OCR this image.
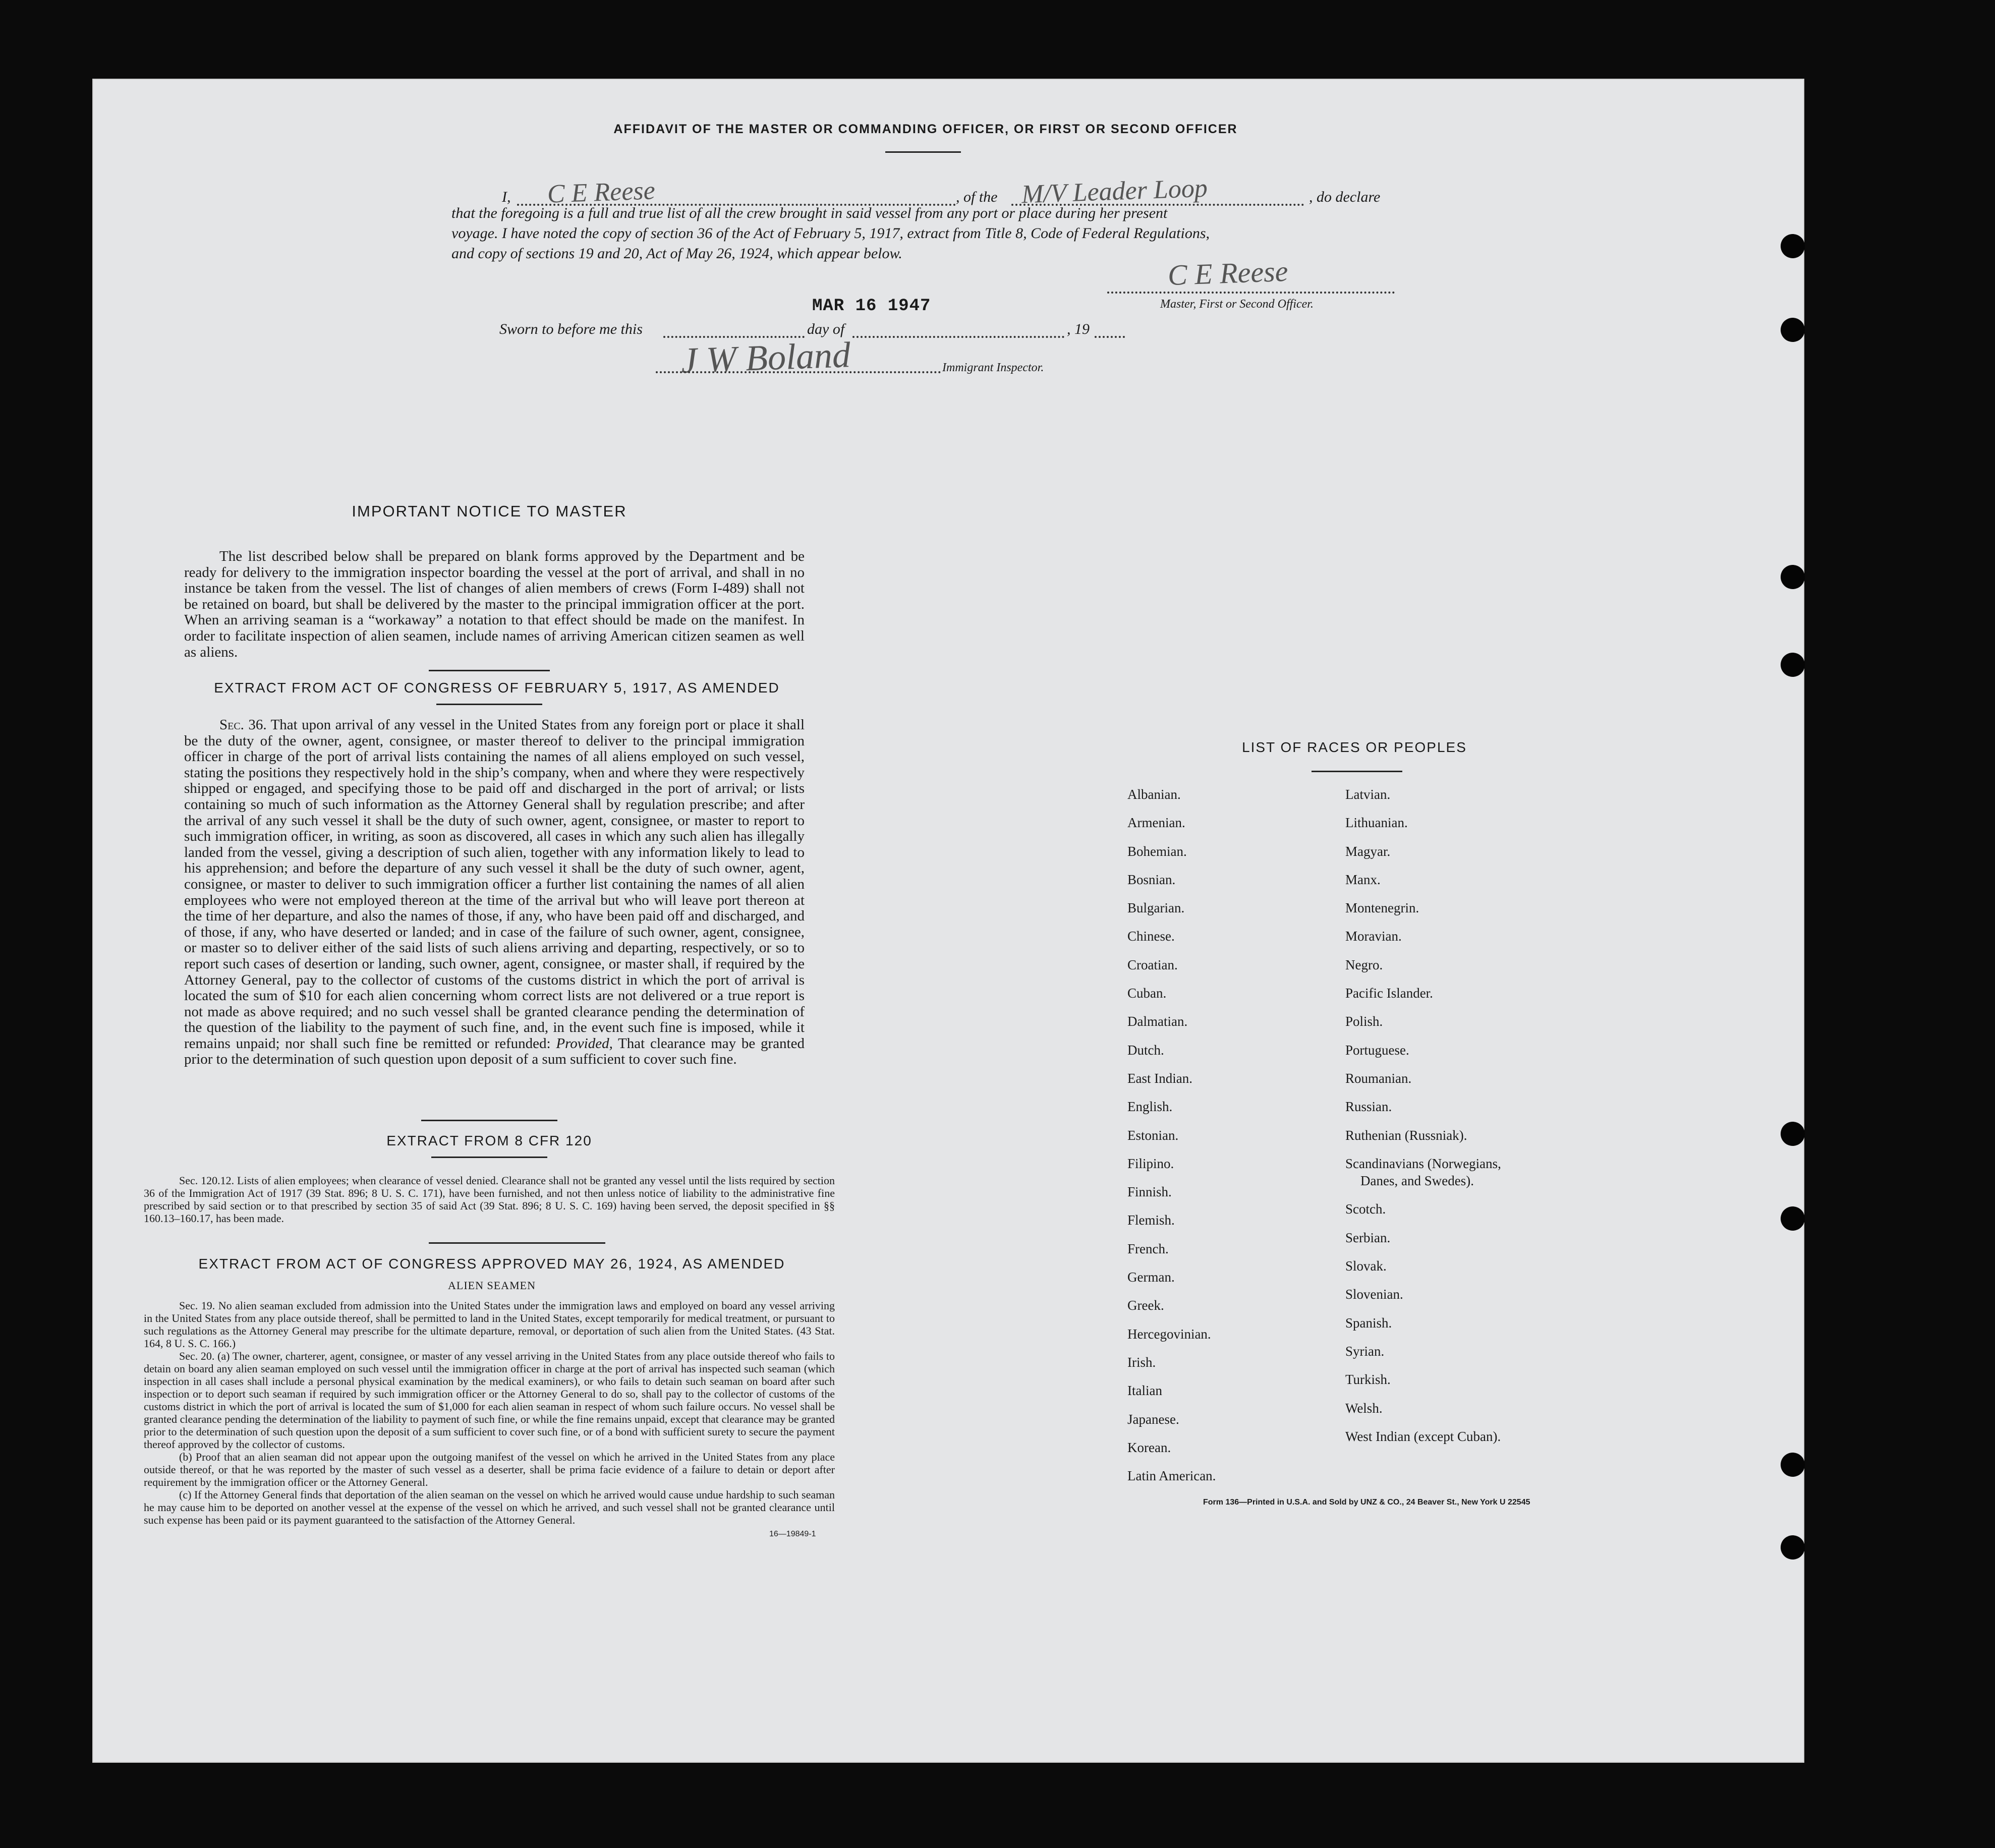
AFFIDAVIT OF THE MASTER OR COMMANDING OFFICER, OR FIRST OR SECOND OFFICER
I, C E Reese	, of the M/V Leader Loop	, do declare
that the foregoing is a full and true list of all the crew brought in said vessel from any port or place during her present
voyage. I have noted the copy of section 36 of the Act of February 5, 1917, extract from Title 8, Code of Federal Regulations,
and copy of sections 19 and 20, Act of May 26, 1924, which appear below.
C E Reese
Master, First or Second Officer.
MAR 16 1947
Sworn to before me this	day of	, 19
J W Boland	Immigrant Inspector.
IMPORTANT NOTICE TO MASTER
The list described below shall be prepared on blank forms approved by the Department and be ready for delivery to the immigration inspector boarding the vessel at the port of arrival, and shall in no instance be taken from the vessel. The list of changes of alien members of crews (Form I-489) shall not be retained on board, but shall be delivered by the master to the principal immigration officer at the port. When an arriving seaman is a “workaway” a notation to that effect should be made on the manifest. In order to facilitate inspection of alien seamen, include names of arriving American citizen seamen as well as aliens.
EXTRACT FROM ACT OF CONGRESS OF FEBRUARY 5, 1917, AS AMENDED
Sec. 36. That upon arrival of any vessel in the United States from any foreign port or place it shall be the duty of the owner, agent, consignee, or master thereof to deliver to the principal immigration officer in charge of the port of arrival lists containing the names of all aliens employed on such vessel, stating the positions they respectively hold in the ship’s company, when and where they were respectively shipped or engaged, and specifying those to be paid off and discharged in the port of arrival; or lists containing so much of such information as the Attorney General shall by regulation prescribe; and after the arrival of any such vessel it shall be the duty of such owner, agent, consignee, or master to report to such immigration officer, in writing, as soon as discovered, all cases in which any such alien has illegally landed from the vessel, giving a description of such alien, together with any information likely to lead to his apprehension; and before the departure of any such vessel it shall be the duty of such owner, agent, consignee, or master to deliver to such immigration officer a further list containing the names of all alien employees who were not employed thereon at the time of the arrival but who will leave port thereon at the time of her departure, and also the names of those, if any, who have been paid off and discharged, and of those, if any, who have deserted or landed; and in case of the failure of such owner, agent, consignee, or master so to deliver either of the said lists of such aliens arriving and departing, respectively, or so to report such cases of desertion or landing, such owner, agent, consignee, or master shall, if required by the Attorney General, pay to the collector of customs of the customs district in which the port of arrival is located the sum of $10 for each alien concerning whom correct lists are not delivered or a true report is not made as above required; and no such vessel shall be granted clearance pending the determination of the question of the liability to the payment of such fine, and, in the event such fine is imposed, while it remains unpaid; nor shall such fine be remitted or refunded: Provided, That clearance may be granted prior to the determination of such question upon deposit of a sum sufficient to cover such fine.
EXTRACT FROM 8 CFR 120
Sec. 120.12. Lists of alien employees; when clearance of vessel denied. Clearance shall not be granted any vessel until the lists required by section 36 of the Immigration Act of 1917 (39 Stat. 896; 8 U. S. C. 171), have been furnished, and not then unless notice of liability to the administrative fine prescribed by said section or to that prescribed by section 35 of said Act (39 Stat. 896; 8 U. S. C. 169) having been served, the deposit specified in §§ 160.13–160.17, has been made.
EXTRACT FROM ACT OF CONGRESS APPROVED MAY 26, 1924, AS AMENDED
ALIEN SEAMEN
Sec. 19. No alien seaman excluded from admission into the United States under the immigration laws and employed on board any vessel arriving in the United States from any place outside thereof, shall be permitted to land in the United States, except temporarily for medical treatment, or pursuant to such regulations as the Attorney General may prescribe for the ultimate departure, removal, or deportation of such alien from the United States. (43 Stat. 164, 8 U. S. C. 166.)
Sec. 20. (a) The owner, charterer, agent, consignee, or master of any vessel arriving in the United States from any place outside thereof who fails to detain on board any alien seaman employed on such vessel until the immigration officer in charge at the port of arrival has inspected such seaman (which inspection in all cases shall include a personal physical examination by the medical examiners), or who fails to detain such seaman on board after such inspection or to deport such seaman if required by such immigration officer or the Attorney General to do so, shall pay to the collector of customs of the customs district in which the port of arrival is located the sum of $1,000 for each alien seaman in respect of whom such failure occurs. No vessel shall be granted clearance pending the determination of the liability to payment of such fine, or while the fine remains unpaid, except that clearance may be granted prior to the determination of such question upon the deposit of a sum sufficient to cover such fine, or of a bond with sufficient surety to secure the payment thereof approved by the collector of customs.
(b) Proof that an alien seaman did not appear upon the outgoing manifest of the vessel on which he arrived in the United States from any place outside thereof, or that he was reported by the master of such vessel as a deserter, shall be prima facie evidence of a failure to detain or deport after requirement by the immigration officer or the Attorney General.
(c) If the Attorney General finds that deportation of the alien seaman on the vessel on which he arrived would cause undue hardship to such seaman he may cause him to be deported on another vessel at the expense of the vessel on which he arrived, and such vessel shall not be granted clearance until such expense has been paid or its payment guaranteed to the satisfaction of the Attorney General.
16—19849-1
LIST OF RACES OR PEOPLES
Albanian.
Armenian.
Bohemian.
Bosnian.
Bulgarian.
Chinese.
Croatian.
Cuban.
Dalmatian.
Dutch.
East Indian.
English.
Estonian.
Filipino.
Finnish.
Flemish.
French.
German.
Greek.
Hercegovinian.
Irish.
Italian
Japanese.
Korean.
Latin American.
Latvian.
Lithuanian.
Magyar.
Manx.
Montenegrin.
Moravian.
Negro.
Pacific Islander.
Polish.
Portuguese.
Roumanian.
Russian.
Ruthenian (Russniak).
Scandinavians (Norwegians,
Danes, and Swedes).
Scotch.
Serbian.
Slovak.
Slovenian.
Spanish.
Syrian.
Turkish.
Welsh.
West Indian (except Cuban).
Form 136—Printed in U.S.A. and Sold by UNZ & CO., 24 Beaver St., New York U 22545
